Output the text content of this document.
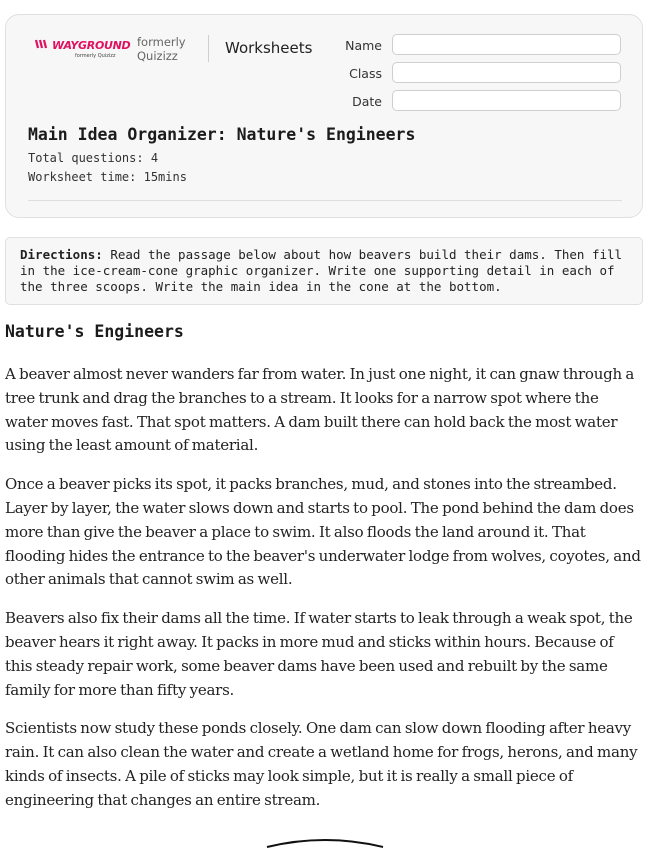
WAYGROUND
formerly Quizizz
formerly Quizizz	Worksheets	Name
Class
Date
Main Idea Organizer: Nature's Engineers
Total questions: 4
Worksheet time: 15mins
Directions: Read the passage below about how beavers build their dams. Then fill in the ice-cream-cone graphic organizer. Write one supporting detail in each of the three scoops. Write the main idea in the cone at the bottom.
Nature's Engineers

A beaver almost never wanders far from water. In just one night, it can gnaw through a tree trunk and drag the branches to a stream. It looks for a narrow spot where the water moves fast. That spot matters. A dam built there can hold back the most water using the least amount of material.

Once a beaver picks its spot, it packs branches, mud, and stones into the streambed. Layer by layer, the water slows down and starts to pool. The pond behind the dam does more than give the beaver a place to swim. It also floods the land around it. That flooding hides the entrance to the beaver's underwater lodge from wolves, coyotes, and other animals that cannot swim as well.

Beavers also fix their dams all the time. If water starts to leak through a weak spot, the beaver hears it right away. It packs in more mud and sticks within hours. Because of this steady repair work, some beaver dams have been used and rebuilt by the same family for more than fifty years.

Scientists now study these ponds closely. One dam can slow down flooding after heavy rain. It can also clean the water and create a wetland home for frogs, herons, and many kinds of insects. A pile of sticks may look simple, but it is really a small piece of engineering that changes an entire stream.
